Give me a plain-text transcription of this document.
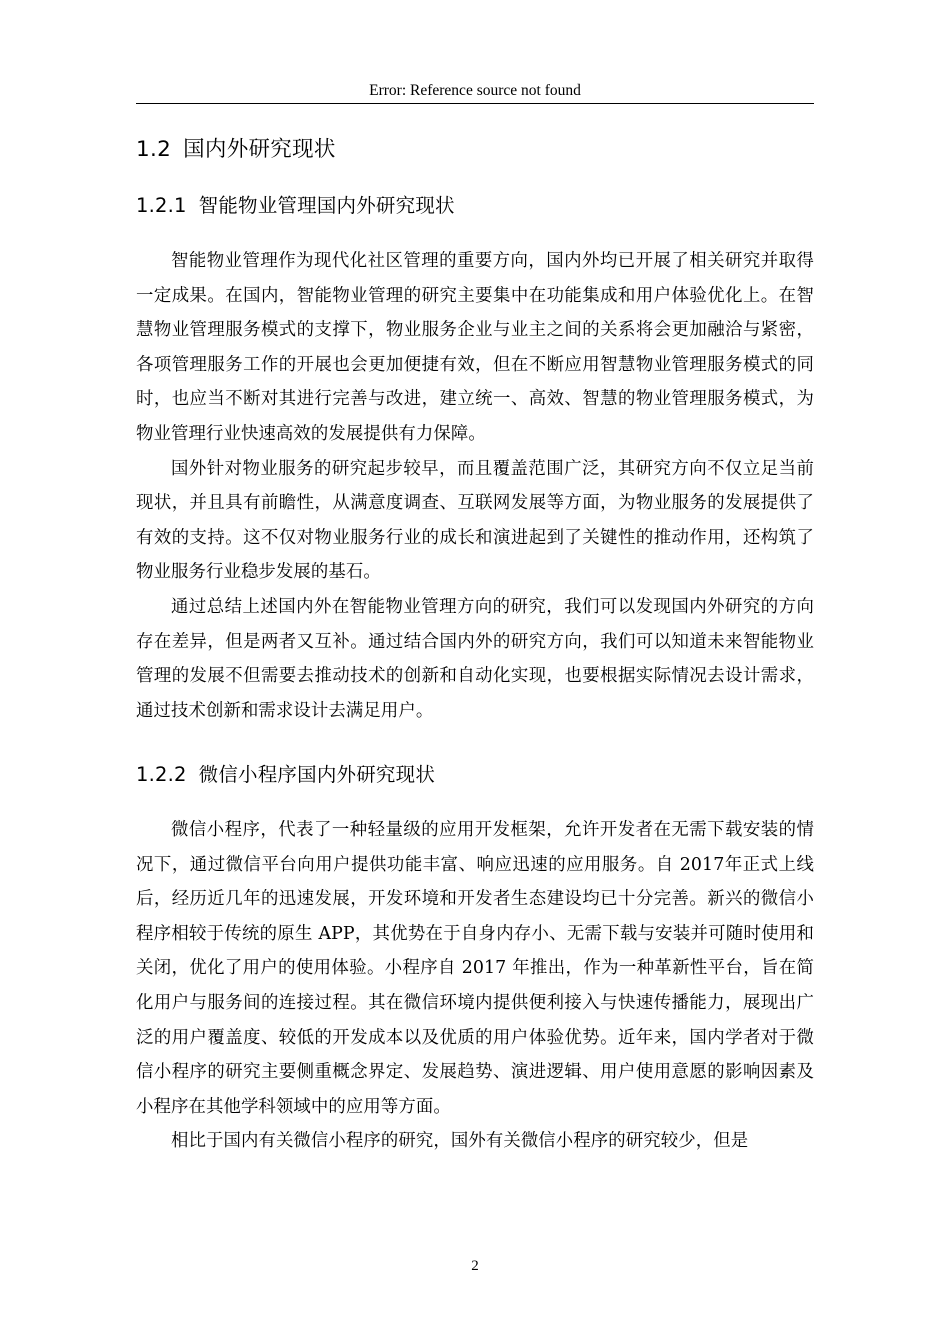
Error: Reference source not found
1.2 国内外研究现状
1.2.1 智能物业管理国内外研究现状

智能物业管理作为现代化社区管理的重要方向，国内外均已开展了相关研究并取得一定成果。在国内，智能物业管理的研究主要集中在功能集成和用户体验优化上。在智慧物业管理服务模式的支撑下，物业服务企业与业主之间的关系将会更加融洽与紧密，各项管理服务工作的开展也会更加便捷有效，但在不断应用智慧物业管理服务模式的同时，也应当不断对其进行完善与改进，建立统一、高效、智慧的物业管理服务模式，为物业管理行业快速高效的发展提供有力保障。

国外针对物业服务的研究起步较早，而且覆盖范围广泛，其研究方向不仅立足当前现状，并且具有前瞻性，从满意度调查、互联网发展等方面，为物业服务的发展提供了有效的支持。这不仅对物业服务行业的成长和演进起到了关键性的推动作用，还构筑了物业服务行业稳步发展的基石。

通过总结上述国内外在智能物业管理方向的研究，我们可以发现国内外研究的方向存在差异，但是两者又互补。通过结合国内外的研究方向，我们可以知道未来智能物业管理的发展不但需要去推动技术的创新和自动化实现，也要根据实际情况去设计需求，通过技术创新和需求设计去满足用户。

1.2.2 微信小程序国内外研究现状

微信小程序，代表了一种轻量级的应用开发框架，允许开发者在无需下载安装的情况下，通过微信平台向用户提供功能丰富、响应迅速的应用服务。自 2017年正式上线后，经历近几年的迅速发展，开发环境和开发者生态建设均已十分完善。新兴的微信小程序相较于传统的原生 APP，其优势在于自身内存小、无需下载与安装并可随时使用和关闭，优化了用户的使用体验。小程序自 2017 年推出，作为一种革新性平台，旨在简化用户与服务间的连接过程。其在微信环境内提供便利接入与快速传播能力，展现出广泛的用户覆盖度、较低的开发成本以及优质的用户体验优势。近年来，国内学者对于微信小程序的研究主要侧重概念界定、发展趋势、演进逻辑、用户使用意愿的影响因素及小程序在其他学科领域中的应用等方面。

相比于国内有关微信小程序的研究，国外有关微信小程序的研究较少，但是

2
